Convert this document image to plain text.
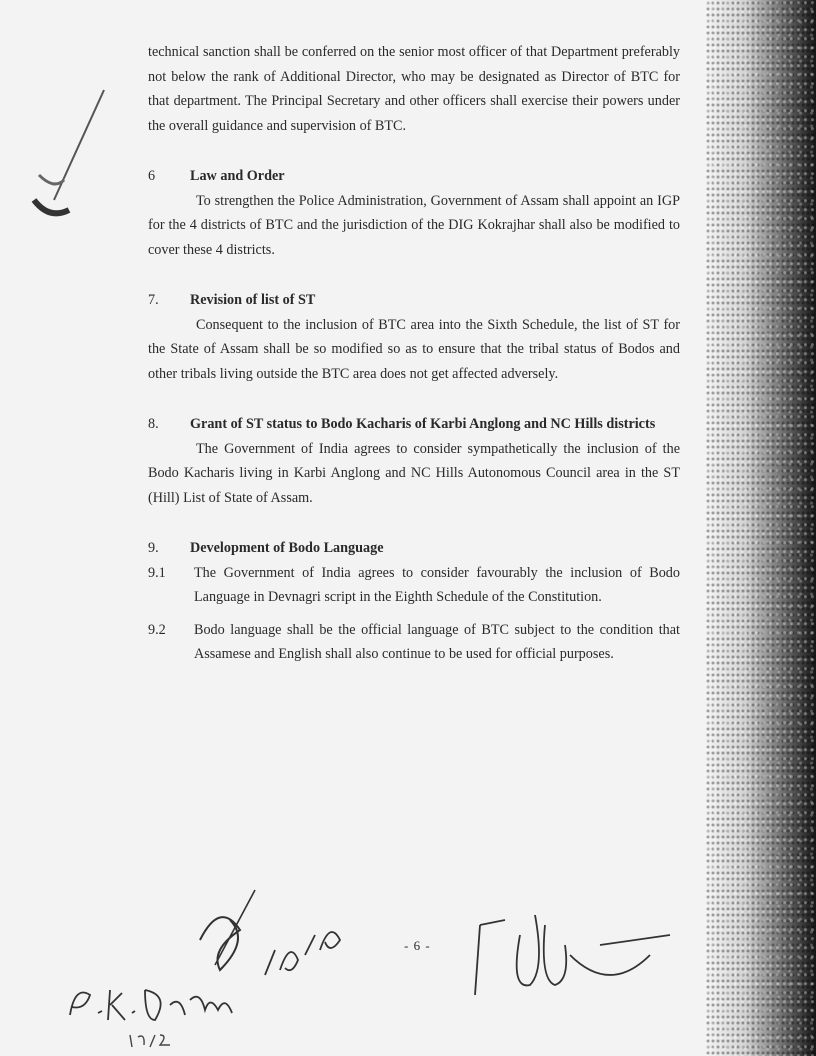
technical sanction shall be conferred on the senior most officer of that Department preferably not below the rank of Additional Director, who may be designated as Director of BTC for that department. The Principal Secretary and other officers shall exercise their powers under the overall guidance and supervision of BTC.

6	Law and Order

To strengthen the Police Administration, Government of Assam shall appoint an IGP for the 4 districts of BTC and the jurisdiction of the DIG Kokrajhar shall also be modified to cover these 4 districts.

7.	Revision of list of ST

Consequent to the inclusion of BTC area into the Sixth Schedule, the list of ST for the State of Assam shall be so modified so as to ensure that the tribal status of Bodos and other tribals living outside the BTC area does not get affected adversely.

8. Grant of ST status to Bodo Kacharis of Karbi Anglong and NC Hills districts

The Government of India agrees to consider sympathetically the inclusion of the Bodo Kacharis living in Karbi Anglong and NC Hills Autonomous Council area in the ST (Hill) List of State of Assam.

9.	Development of Bodo Language
9.1	The Government of India agrees to consider favourably the inclusion of Bodo Language in Devnagri script in the Eighth Schedule of the Constitution.
9.2	Bodo language shall be the official language of BTC subject to the condition that Assamese and English shall also continue to be used for official purposes.
- 6 -
